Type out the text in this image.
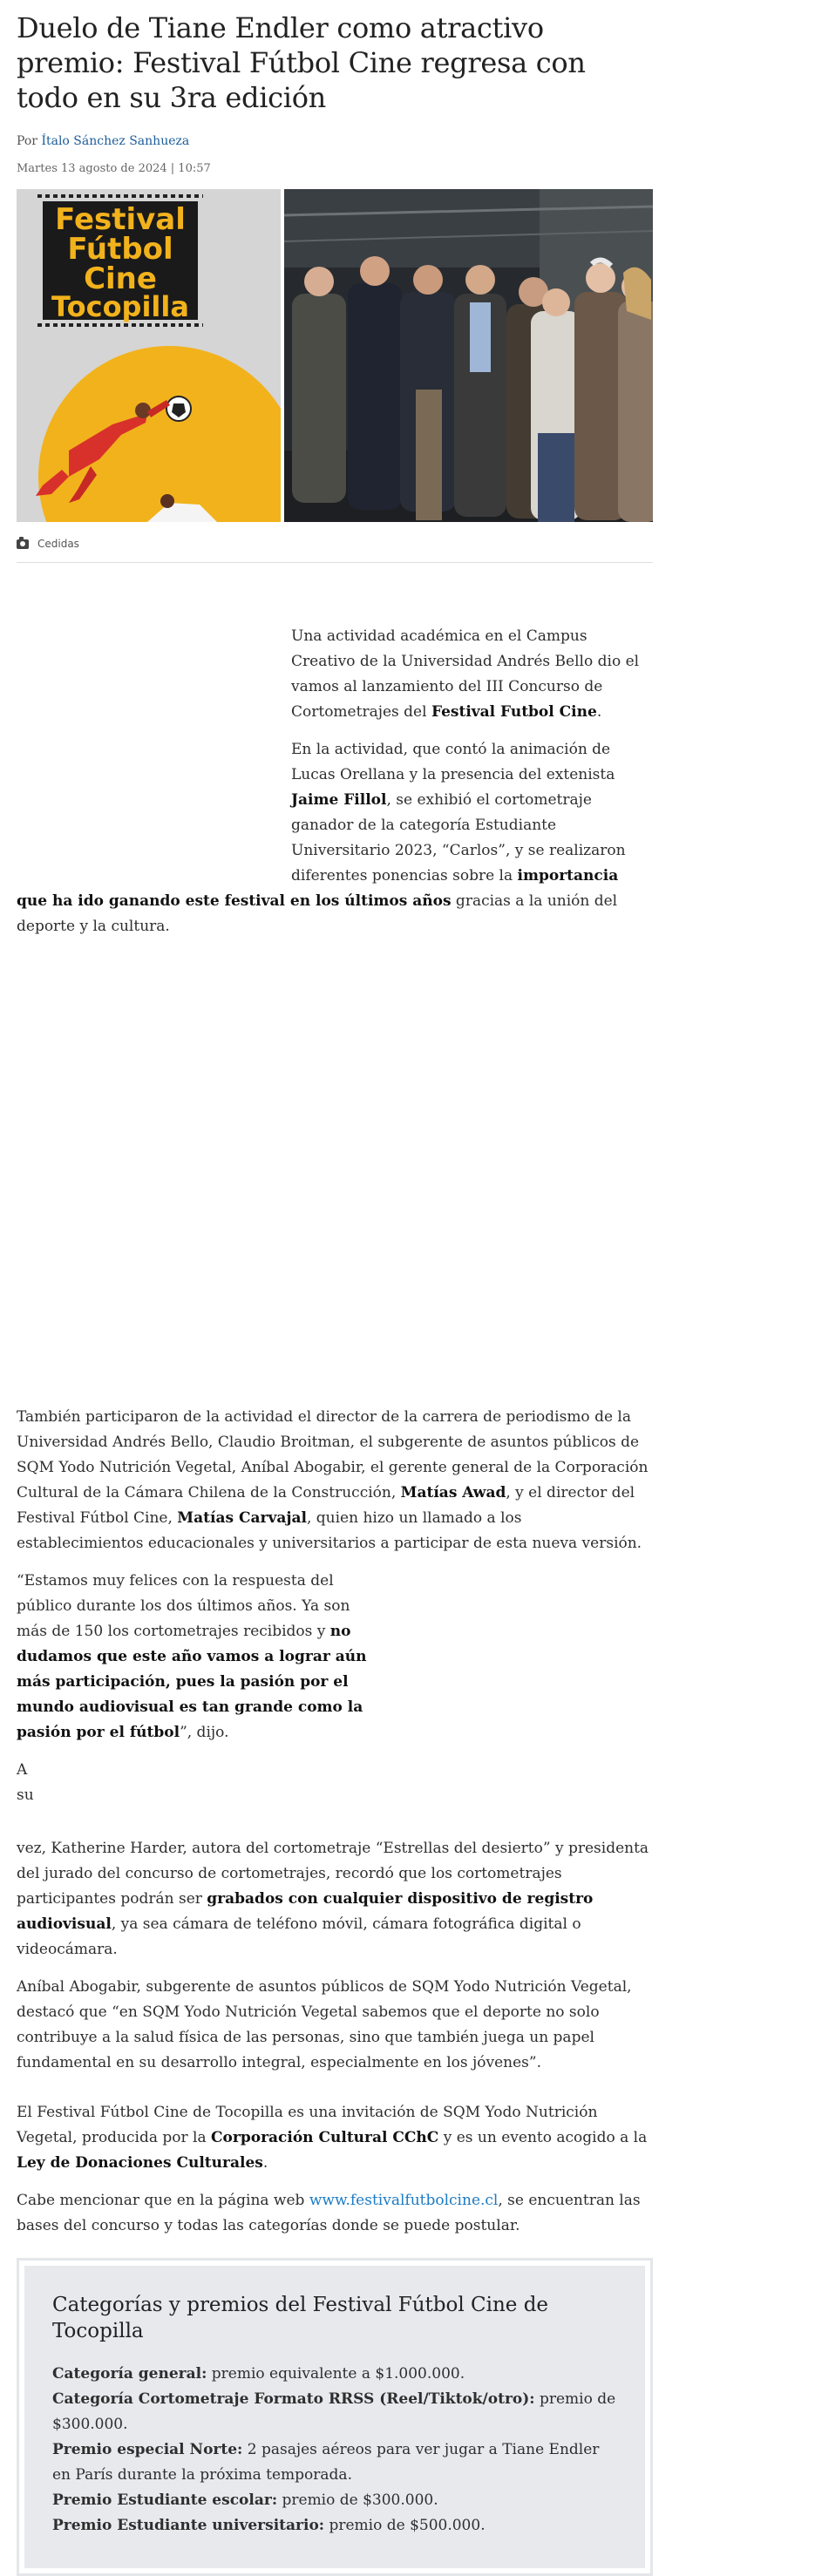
Duelo de Tiane Endler como atractivo premio: Festival Fútbol Cine regresa con todo en su 3ra edición
Por Ítalo Sánchez Sanhueza
Martes 13 agosto de 2024 | 10:57
Festival
Fútbol
Cine
Tocopilla
Cedidas

Una actividad académica en el Campus Creativo de la Universidad Andrés Bello dio el vamos al lanzamiento del III Concurso de Cortometrajes del Festival Futbol Cine.

En la actividad, que contó la animación de Lucas Orellana y la presencia del extenista Jaime Fillol, se exhibió el cortometraje ganador de la categoría Estudiante Universitario 2023, “Carlos”, y se realizaron diferentes ponencias sobre la importancia que ha ido ganando este festival en los últimos años gracias a la unión del deporte y la cultura.

También participaron de la actividad el director de la carrera de periodismo de la Universidad Andrés Bello, Claudio Broitman, el subgerente de asuntos públicos de SQM Yodo Nutrición Vegetal, Aníbal Abogabir, el gerente general de la Corporación Cultural de la Cámara Chilena de la Construcción, Matías Awad, y el director del Festival Fútbol Cine, Matías Carvajal, quien hizo un llamado a los establecimientos educacionales y universitarios a participar de esta nueva versión.

“Estamos muy felices con la respuesta del público durante los dos últimos años. Ya son más de 150 los cortometrajes recibidos y no dudamos que este año vamos a lograr aún más participación, pues la pasión por el mundo audiovisual es tan grande como la pasión por el fútbol”, dijo.

A su vez, Katherine Harder, autora del cortometraje “Estrellas del desierto” y presidenta del jurado del concurso de cortometrajes, recordó que los cortometrajes participantes podrán ser grabados con cualquier dispositivo de registro audiovisual, ya sea cámara de teléfono móvil, cámara fotográfica digital o videocámara.

Aníbal Abogabir, subgerente de asuntos públicos de SQM Yodo Nutrición Vegetal, destacó que “en SQM Yodo Nutrición Vegetal sabemos que el deporte no solo contribuye a la salud física de las personas, sino que también juega un papel fundamental en su desarrollo integral, especialmente en los jóvenes”.

El Festival Fútbol Cine de Tocopilla es una invitación de SQM Yodo Nutrición Vegetal, producida por la Corporación Cultural CChC y es un evento acogido a la Ley de Donaciones Culturales.

Cabe mencionar que en la página web www.festivalfutbolcine.cl, se encuentran las bases del concurso y todas las categorías donde se puede postular.

Categorías y premios del Festival Fútbol Cine de Tocopilla
Categoría general: premio equivalente a $1.000.000.
Categoría Cortometraje Formato RRSS (Reel/Tiktok/otro): premio de $300.000.
Premio especial Norte: 2 pasajes aéreos para ver jugar a Tiane Endler en París durante la próxima temporada.
Premio Estudiante escolar: premio de $300.000.
Premio Estudiante universitario: premio de $500.000.
